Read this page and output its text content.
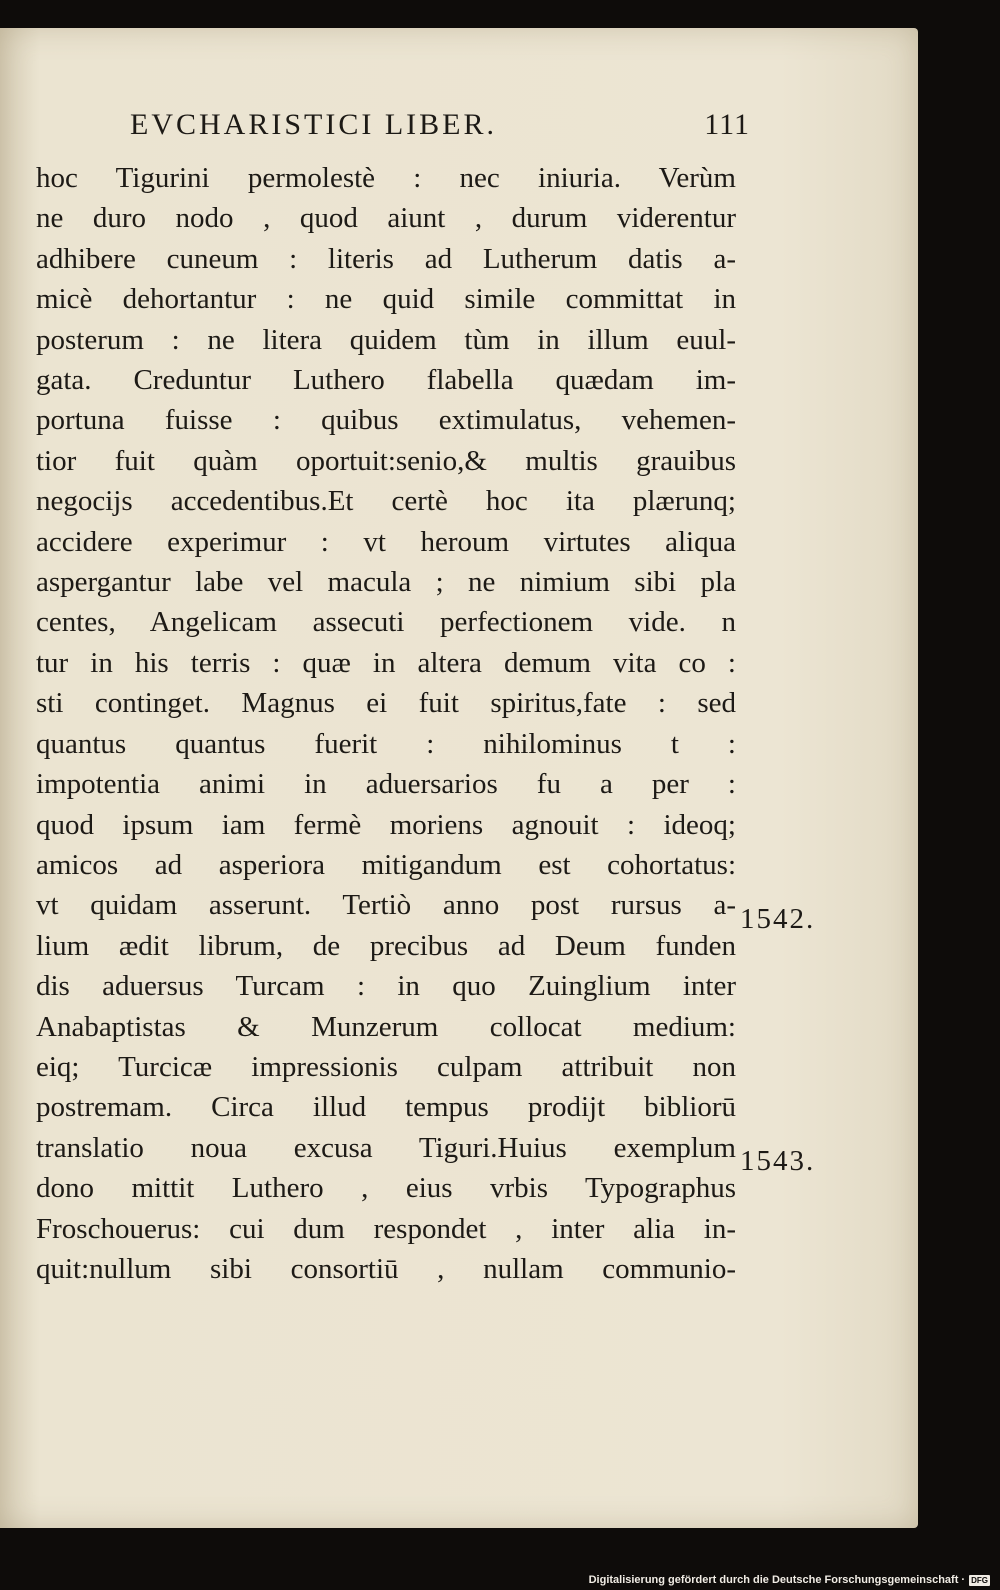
EVCHARISTICI LIBER.	111
hoc Tigurini permolestè : nec iniuria. Verùm
ne duro nodo , quod aiunt , durum viderentur
adhibere cuneum : literis ad Lutherum datis a-
micè dehortantur : ne quid simile committat in
posterum : ne litera quidem tùm in illum euul-
gata. Creduntur Luthero flabella quædam im-
portuna fuisse : quibus extimulatus, vehemen-
tior fuit quàm oportuit:senio,& multis grauibus
negocijs accedentibus.Et certè hoc ita plærunq;
accidere experimur : vt heroum virtutes aliqua
aspergantur labe vel macula ; ne nimium sibi pla
centes, Angelicam assecuti perfectionem vide. n
tur in his terris : quæ in altera demum vita co :
sti continget. Magnus ei fuit spiritus,fate : sed
quantus quantus fuerit : nihilominus t :
impotentia animi in aduersarios fu a per :
quod ipsum iam fermè moriens agnouit : ideoq;
amicos ad asperiora mitigandum est cohortatus:
vt quidam asserunt. Tertiò anno post rursus a-
lium ædit librum, de precibus ad Deum funden
dis aduersus Turcam : in quo Zuinglium inter
Anabaptistas & Munzerum collocat medium:
eiq; Turcicæ impressionis culpam attribuit non
postremam. Circa illud tempus prodijt bibliorū
translatio noua excusa Tiguri.Huius exemplum
dono mittit Luthero , eius vrbis Typographus
Froschouerus: cui dum respondet , inter alia in-
quit:nullum sibi consortiū , nullam communio-
1542.
1543.
Digitalisierung gefördert durch die Deutsche Forschungsgemeinschaft · DFG
